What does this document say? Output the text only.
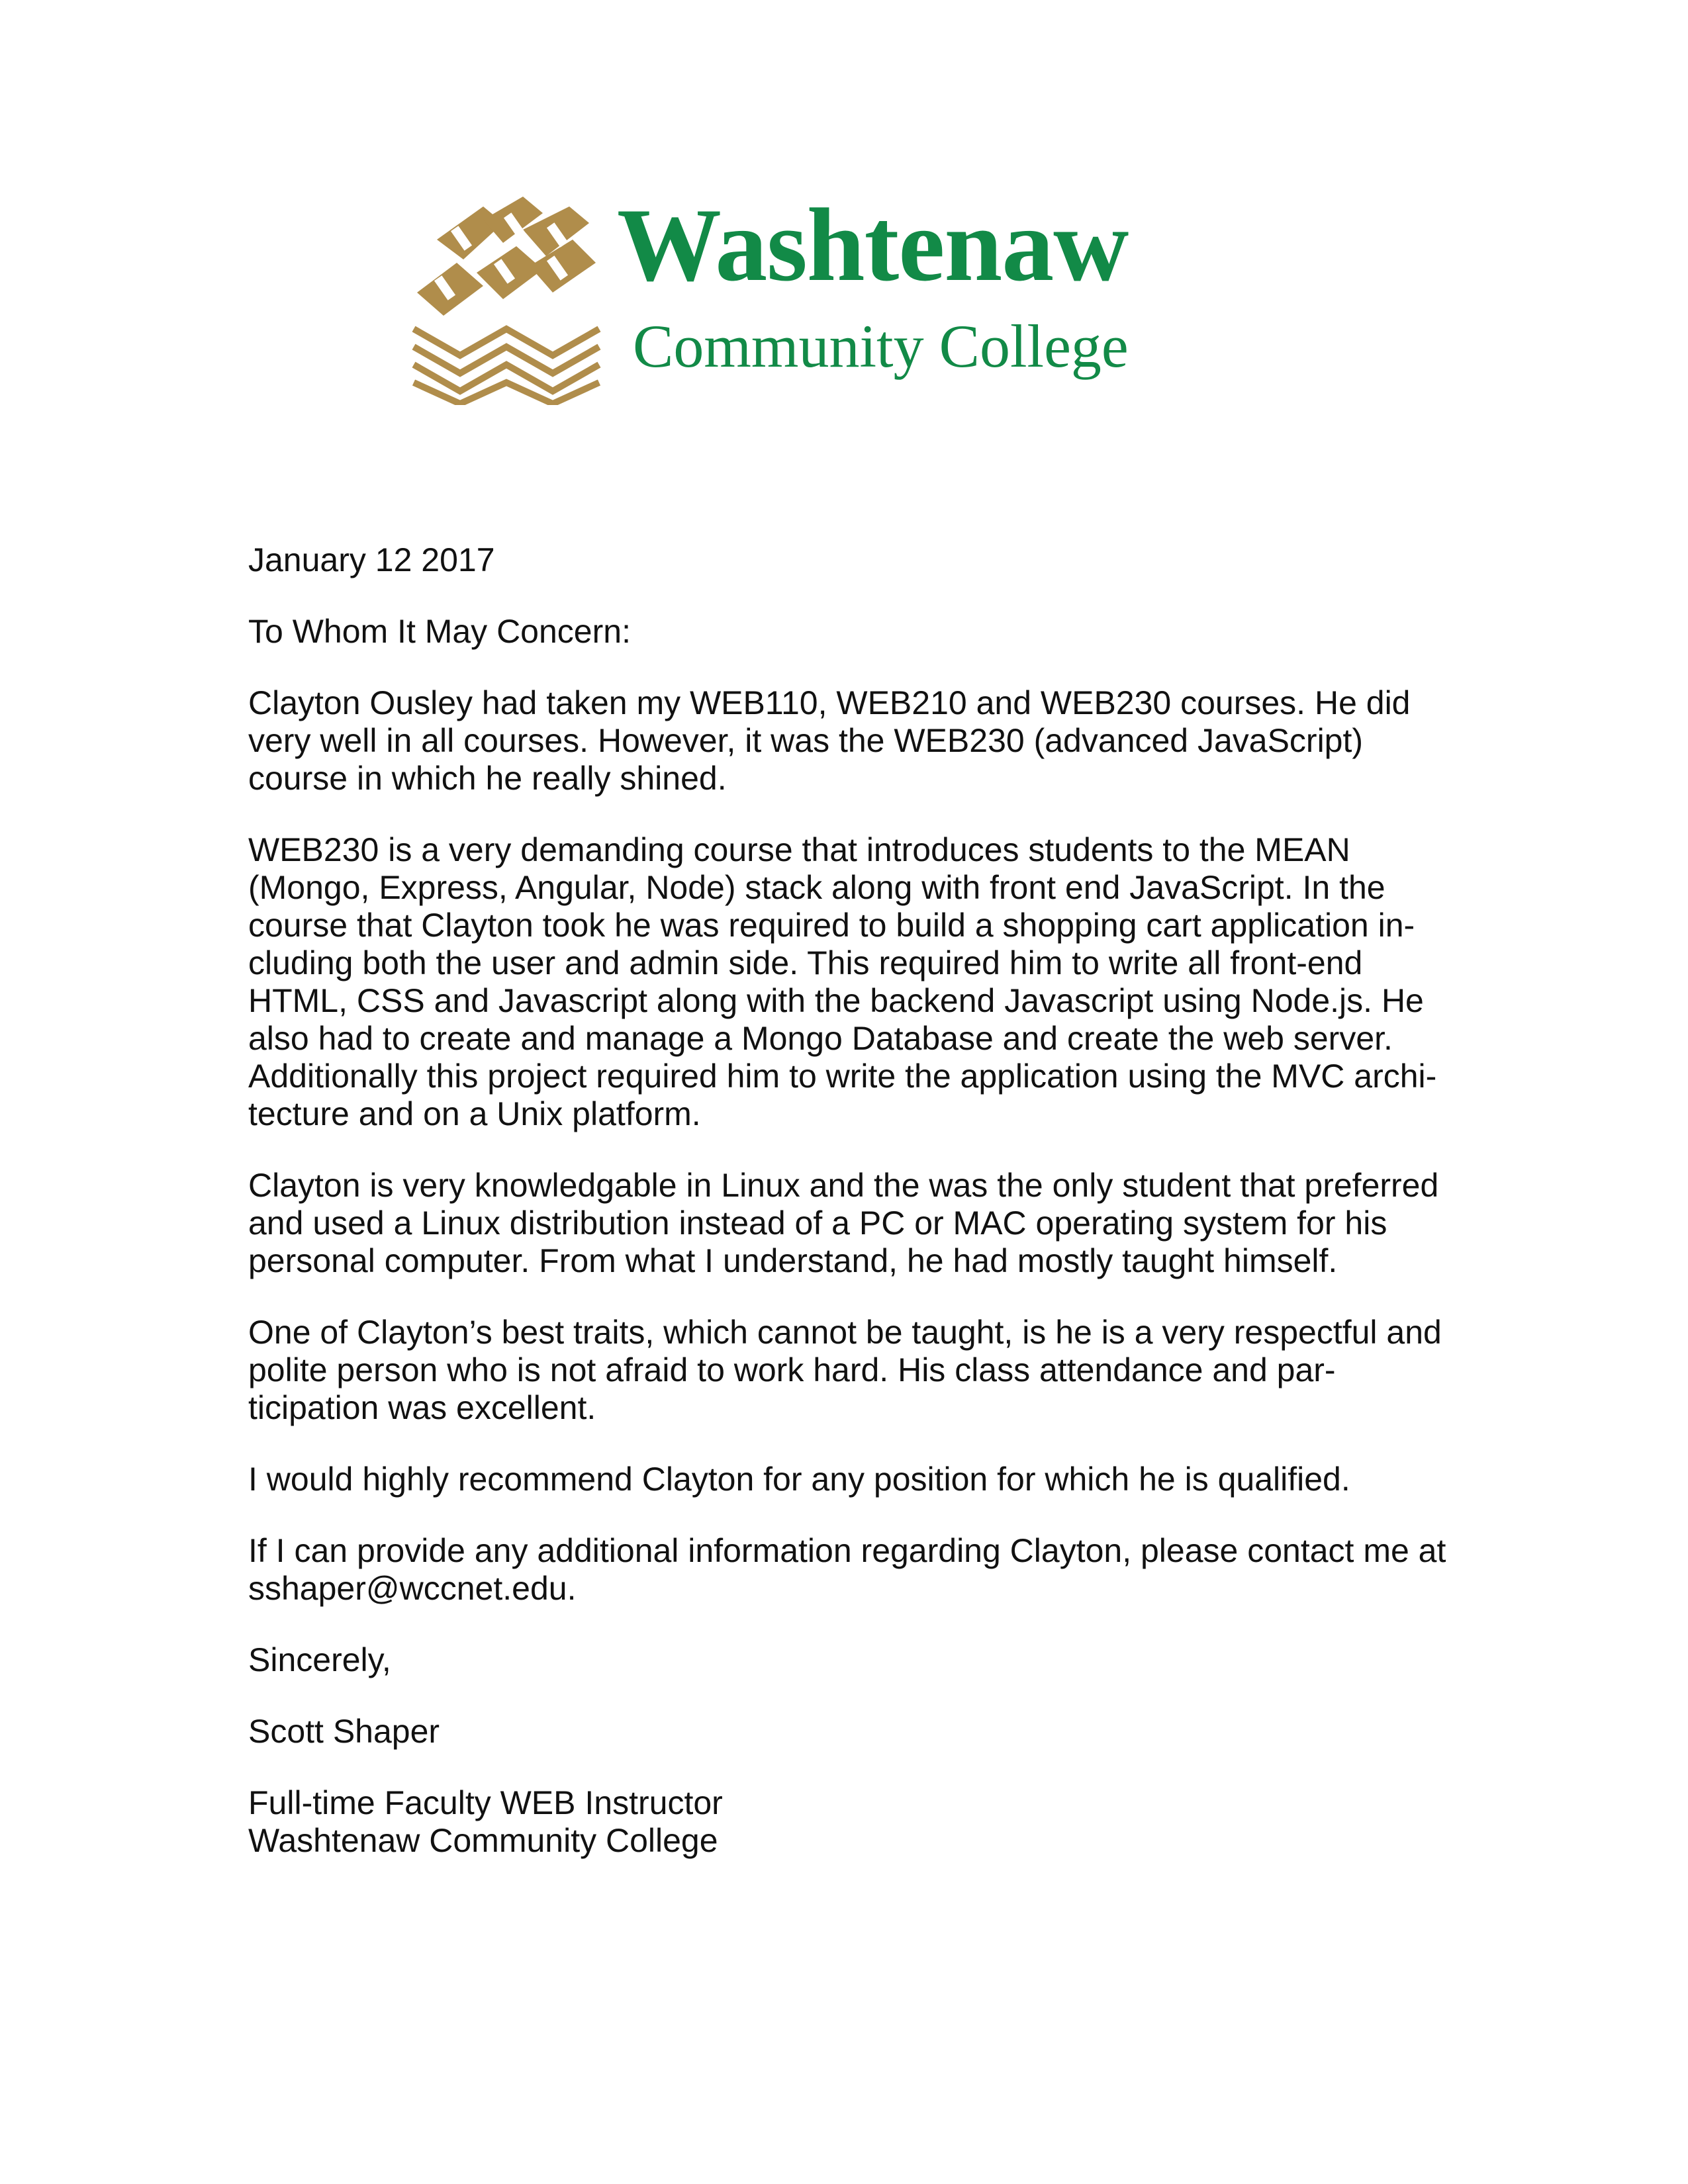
Washtenaw
Community College

January 12 2017

To Whom It May Concern:

Clayton Ousley had taken my WEB110, WEB210 and WEB230 courses. He did very well in all courses. However, it was the WEB230 (advanced JavaScript) course in which he really shined.

WEB230 is a very demanding course that introduces students to the MEAN (Mongo, Express, Angular, Node) stack along with front end JavaScript. In the course that Clayton took he was required to build a shopping cart application in-cluding both the user and admin side. This required him to write all front-end HTML, CSS and Javascript along with the backend Javascript using Node.js. He also had to create and manage a Mongo Database and create the web server. Additionally this project required him to write the application using the MVC archi-tecture and on a Unix platform.

Clayton is very knowledgable in Linux and the was the only student that preferred and used a Linux distribution instead of a PC or MAC operating system for his personal computer. From what I understand, he had mostly taught himself.

One of Clayton’s best traits, which cannot be taught, is he is a very respectful and polite person who is not afraid to work hard. His class attendance and par-ticipation was excellent.

I would highly recommend Clayton for any position for which he is qualified.

If I can provide any additional information regarding Clayton, please contact me at sshaper@wccnet.edu.

Sincerely,

Scott Shaper

Full-time Faculty WEB Instructor
Washtenaw Community College
